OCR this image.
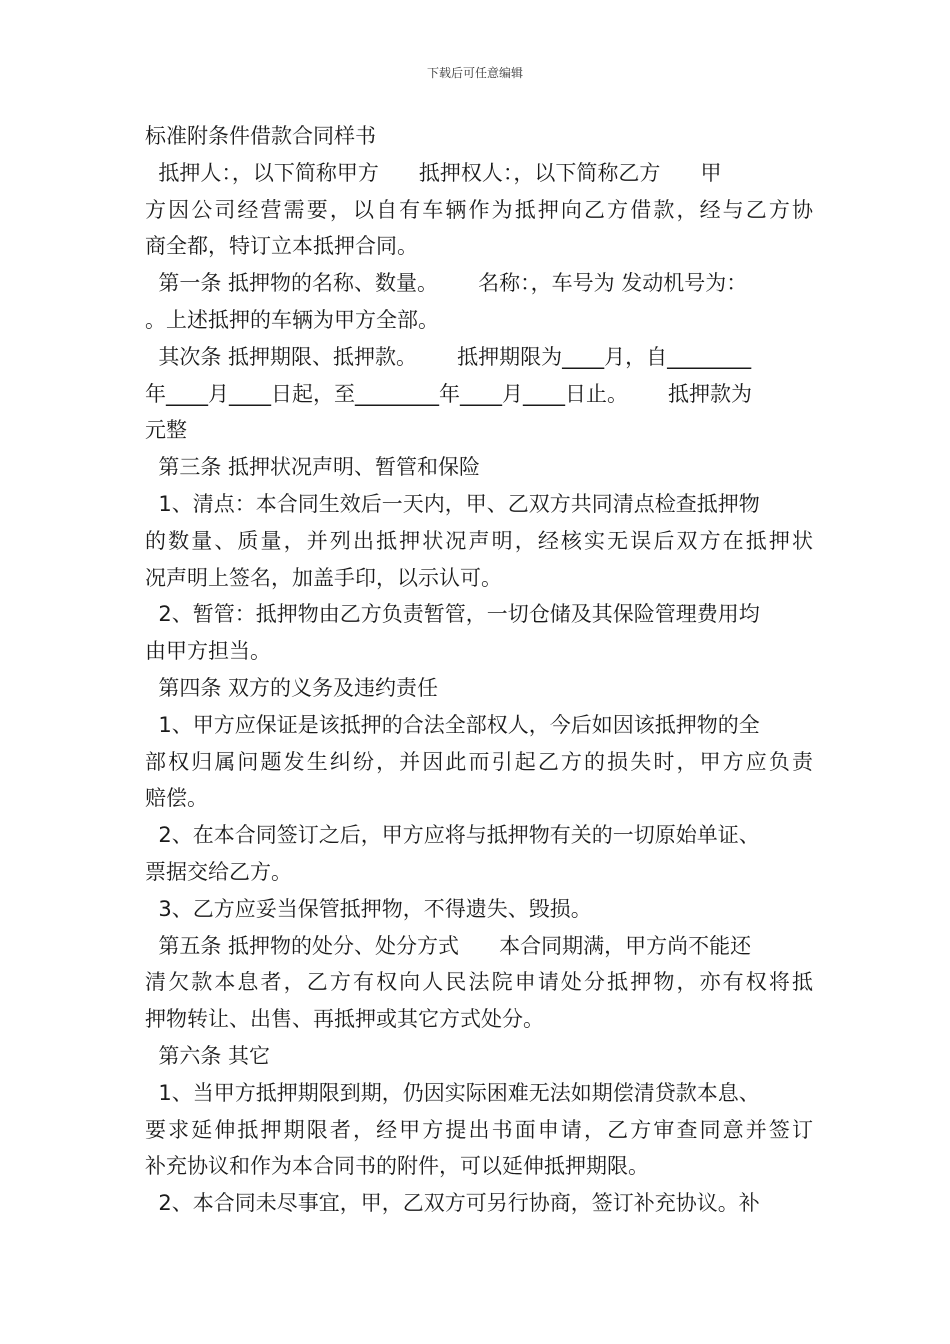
下载后可任意编辑
标准附条件借款合同样书
抵押人：，以下简称甲方      抵押权人：，以下简称乙方      甲
方因公司经营需要，以自有车辆作为抵押向乙方借款，经与乙方协
商全都，特订立本抵押合同。
第一条 抵押物的名称、数量。      名称：，车号为 发动机号为：
。上述抵押的车辆为甲方全部。
其次条 抵押期限、抵押款。      抵押期限为____月，自________
年____月____日起，至________年____月____日止。      抵押款为
元整
第三条 抵押状况声明、暂管和保险
1、清点：本合同生效后一天内，甲、乙双方共同清点检查抵押物
的数量、质量，并列出抵押状况声明，经核实无误后双方在抵押状
况声明上签名，加盖手印，以示认可。
2、暂管：抵押物由乙方负责暂管，一切仓储及其保险管理费用均
由甲方担当。
第四条 双方的义务及违约责任
1、甲方应保证是该抵押的合法全部权人，今后如因该抵押物的全
部权归属问题发生纠纷，并因此而引起乙方的损失时，甲方应负责
赔偿。
2、在本合同签订之后，甲方应将与抵押物有关的一切原始单证、
票据交给乙方。
3、乙方应妥当保管抵押物，不得遗失、毁损。
第五条 抵押物的处分、处分方式      本合同期满，甲方尚不能还
清欠款本息者，乙方有权向人民法院申请处分抵押物，亦有权将抵
押物转让、出售、再抵押或其它方式处分。
第六条 其它
1、当甲方抵押期限到期，仍因实际困难无法如期偿清贷款本息、
要求延伸抵押期限者，经甲方提出书面申请，乙方审查同意并签订
补充协议和作为本合同书的附件，可以延伸抵押期限。
2、本合同未尽事宜，甲，乙双方可另行协商，签订补充协议。补
